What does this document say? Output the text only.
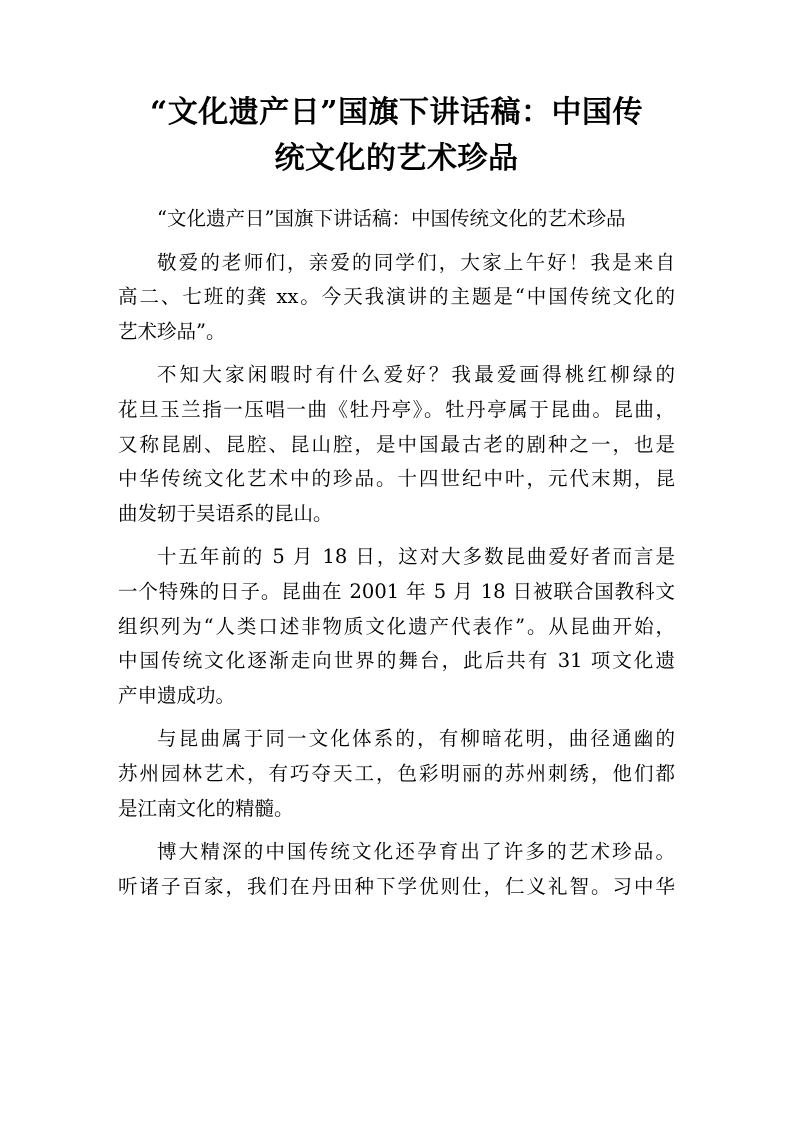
“文化遗产日”国旗下讲话稿：中国传
统文化的艺术珍品

“文化遗产日”国旗下讲话稿：中国传统文化的艺术珍品

敬爱的老师们，亲爱的同学们，大家上午好！我是来自
高二、七班的龚 xx。今天我演讲的主题是“中国传统文化的
艺术珍品”。

不知大家闲暇时有什么爱好？我最爱画得桃红柳绿的
花旦玉兰指一压唱一曲《牡丹亭》。牡丹亭属于昆曲。昆曲，
又称昆剧、昆腔、昆山腔，是中国最古老的剧种之一，也是
中华传统文化艺术中的珍品。十四世纪中叶，元代末期，昆
曲发轫于吴语系的昆山。

十五年前的 5 月 18 日，这对大多数昆曲爱好者而言是
一个特殊的日子。昆曲在 2001 年 5 月 18 日被联合国教科文
组织列为“人类口述非物质文化遗产代表作”。从昆曲开始，
中国传统文化逐渐走向世界的舞台，此后共有 31 项文化遗
产申遗成功。

与昆曲属于同一文化体系的，有柳暗花明，曲径通幽的
苏州园林艺术，有巧夺天工，色彩明丽的苏州刺绣，他们都
是江南文化的精髓。

博大精深的中国传统文化还孕育出了许多的艺术珍品。
听诸子百家，我们在丹田种下学优则仕，仁义礼智。习中华
